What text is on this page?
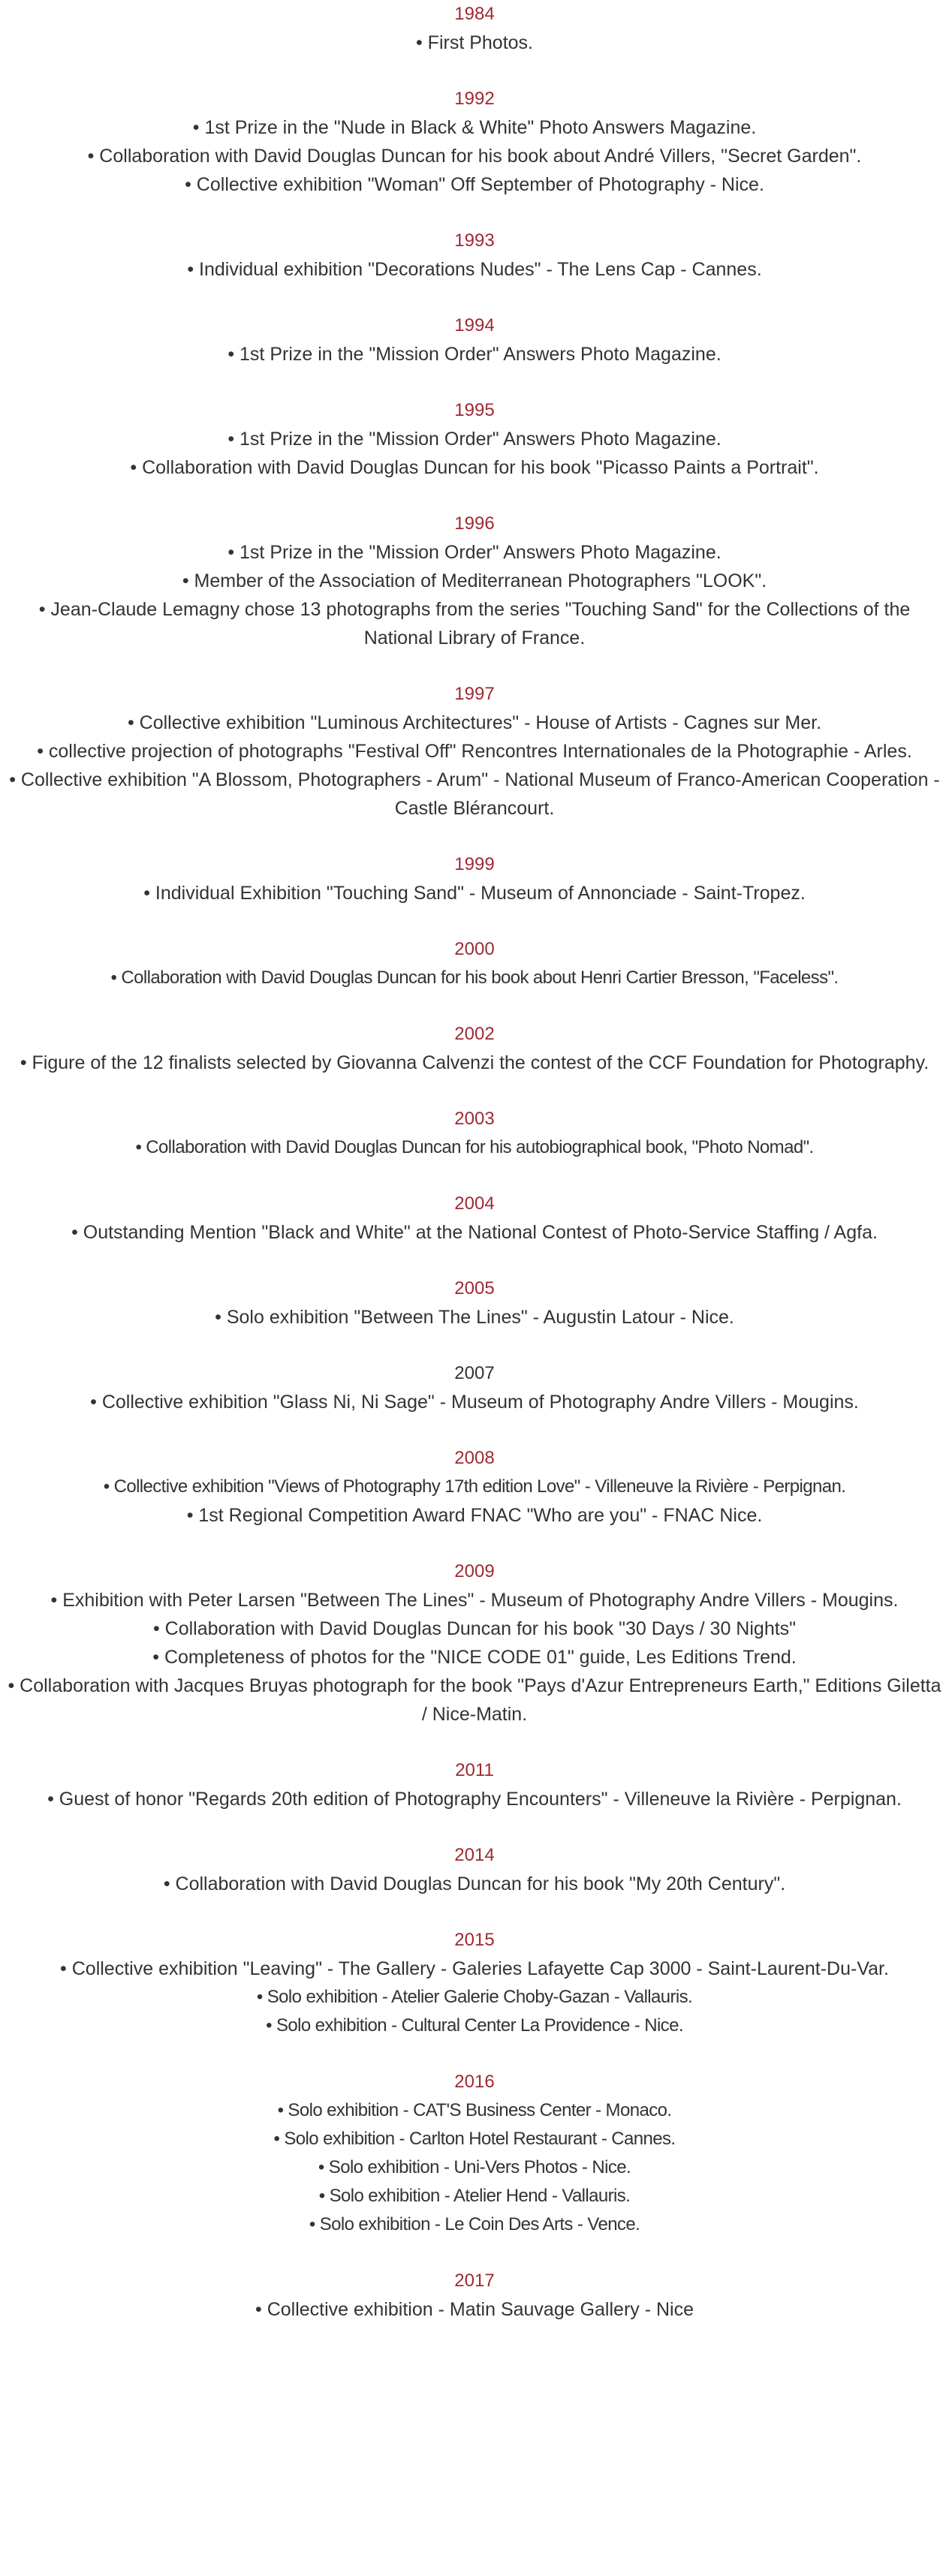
1984
• First Photos.
1992
• 1st Prize in the "Nude in Black & White" Photo Answers Magazine.
• Collaboration with David Douglas Duncan for his book about André Villers, "Secret Garden".
• Collective exhibition "Woman" Off September of Photography - Nice.
1993
• Individual exhibition "Decorations Nudes" - The Lens Cap - Cannes.
1994
• 1st Prize in the "Mission Order" Answers Photo Magazine.
1995
• 1st Prize in the "Mission Order" Answers Photo Magazine.
• Collaboration with David Douglas Duncan for his book "Picasso Paints a Portrait".
1996
• 1st Prize in the "Mission Order" Answers Photo Magazine.
• Member of the Association of Mediterranean Photographers "LOOK".
• Jean-Claude Lemagny chose 13 photographs from the series "Touching Sand" for the Collections of the National Library of France.
1997
• Collective exhibition "Luminous Architectures" - House of Artists - Cagnes sur Mer.
• collective projection of photographs "Festival Off" Rencontres Internationales de la Photographie - Arles.
• Collective exhibition "A Blossom, Photographers - Arum" - National Museum of Franco-American Cooperation - Castle Blérancourt.
1999
• Individual Exhibition "Touching Sand" - Museum of Annonciade - Saint-Tropez.
2000
• Collaboration with David Douglas Duncan for his book about Henri Cartier Bresson, "Faceless".
2002
• Figure of the 12 finalists selected by Giovanna Calvenzi the contest of the CCF Foundation for Photography.
2003
• Collaboration with David Douglas Duncan for his autobiographical book, "Photo Nomad".
2004
• Outstanding Mention "Black and White" at the National Contest of Photo-Service Staffing / Agfa.
2005
• Solo exhibition "Between The Lines" - Augustin Latour - Nice.
2007
• Collective exhibition "Glass Ni, Ni Sage" - Museum of Photography Andre Villers - Mougins.
2008
• Collective exhibition "Views of Photography 17th edition Love" - Villeneuve la Rivière - Perpignan.
• 1st Regional Competition Award FNAC "Who are you" - FNAC Nice.
2009
• Exhibition with Peter Larsen "Between The Lines" - Museum of Photography Andre Villers - Mougins.
• Collaboration with David Douglas Duncan for his book "30 Days / 30 Nights"
• Completeness of photos for the "NICE CODE 01" guide, Les Editions Trend.
• Collaboration with Jacques Bruyas photograph for the book "Pays d'Azur Entrepreneurs Earth," Editions Giletta / Nice-Matin.
2011
• Guest of honor "Regards 20th edition of Photography Encounters" - Villeneuve la Rivière - Perpignan.
2014
• Collaboration with David Douglas Duncan for his book "My 20th Century".
2015
• Collective exhibition "Leaving" - The Gallery - Galeries Lafayette Cap 3000 - Saint-Laurent-Du-Var.
• Solo exhibition - Atelier Galerie Choby-Gazan - Vallauris.
• Solo exhibition - Cultural Center La Providence - Nice.
2016
• Solo exhibition - CAT'S Business Center - Monaco.
• Solo exhibition - Carlton Hotel Restaurant - Cannes.
• Solo exhibition - Uni-Vers Photos - Nice.
• Solo exhibition - Atelier Hend - Vallauris.
• Solo exhibition - Le Coin Des Arts - Vence.
2017
• Collective exhibition - Matin Sauvage Gallery - Nice
